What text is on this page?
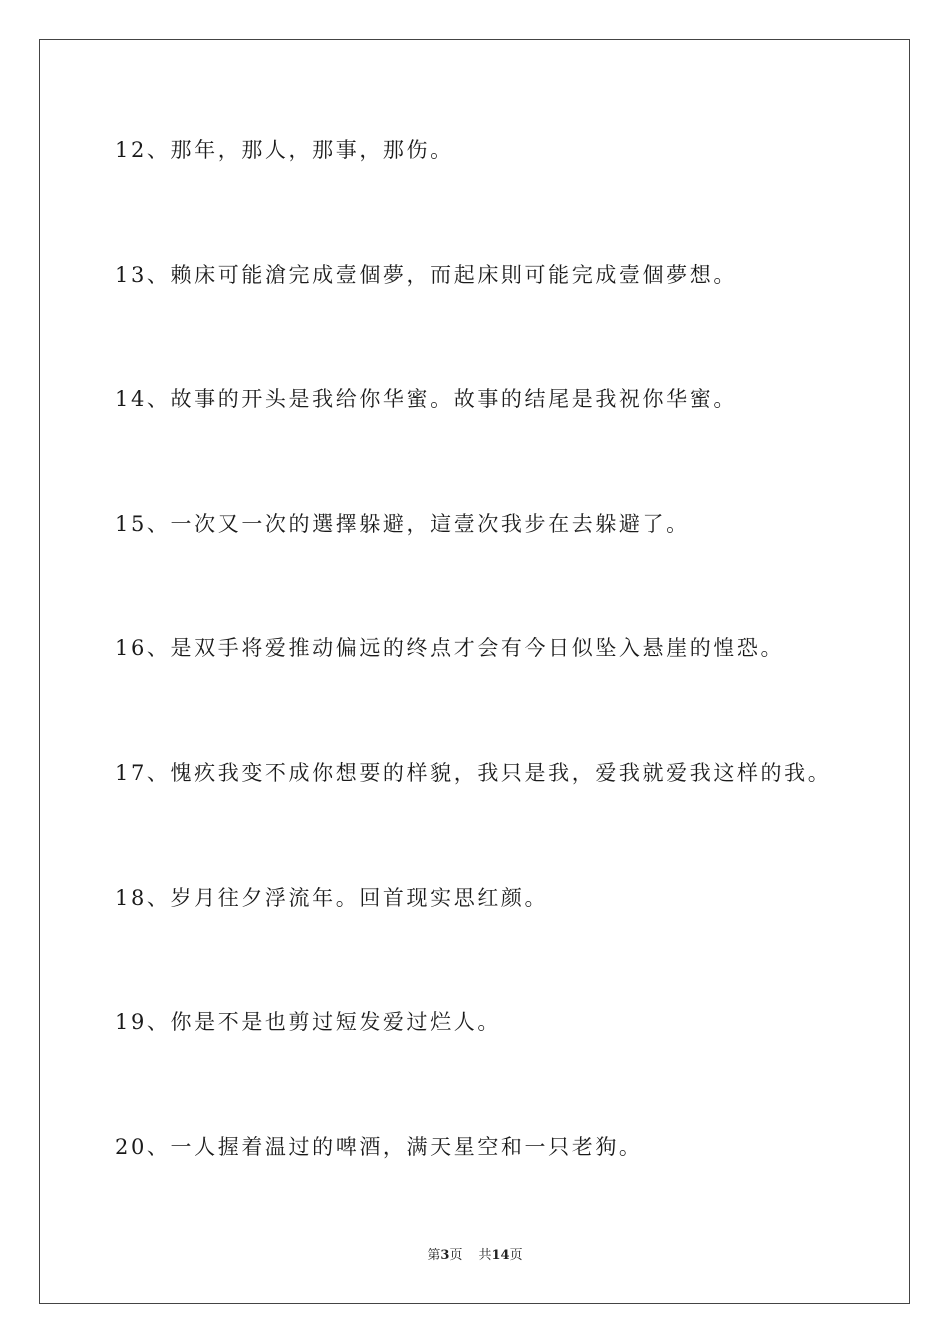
12、那年，那人，那事，那伤。
13、赖床可能滄完成壹個夢，而起床則可能完成壹個夢想。
14、故事的开头是我给你华蜜。故事的结尾是我祝你华蜜。
15、一次又一次的選擇躲避，這壹次我步在去躲避了。
16、是双手将爱推动偏远的终点才会有今日似坠入悬崖的惶恐。
17、愧疚我变不成你想要的样貌，我只是我，爱我就爱我这样的我。
18、岁月往夕浮流年。回首现实思红颜。
19、你是不是也剪过短发爱过烂人。
20、一人握着温过的啤酒，满天星空和一只老狗。
第3页 共14页
